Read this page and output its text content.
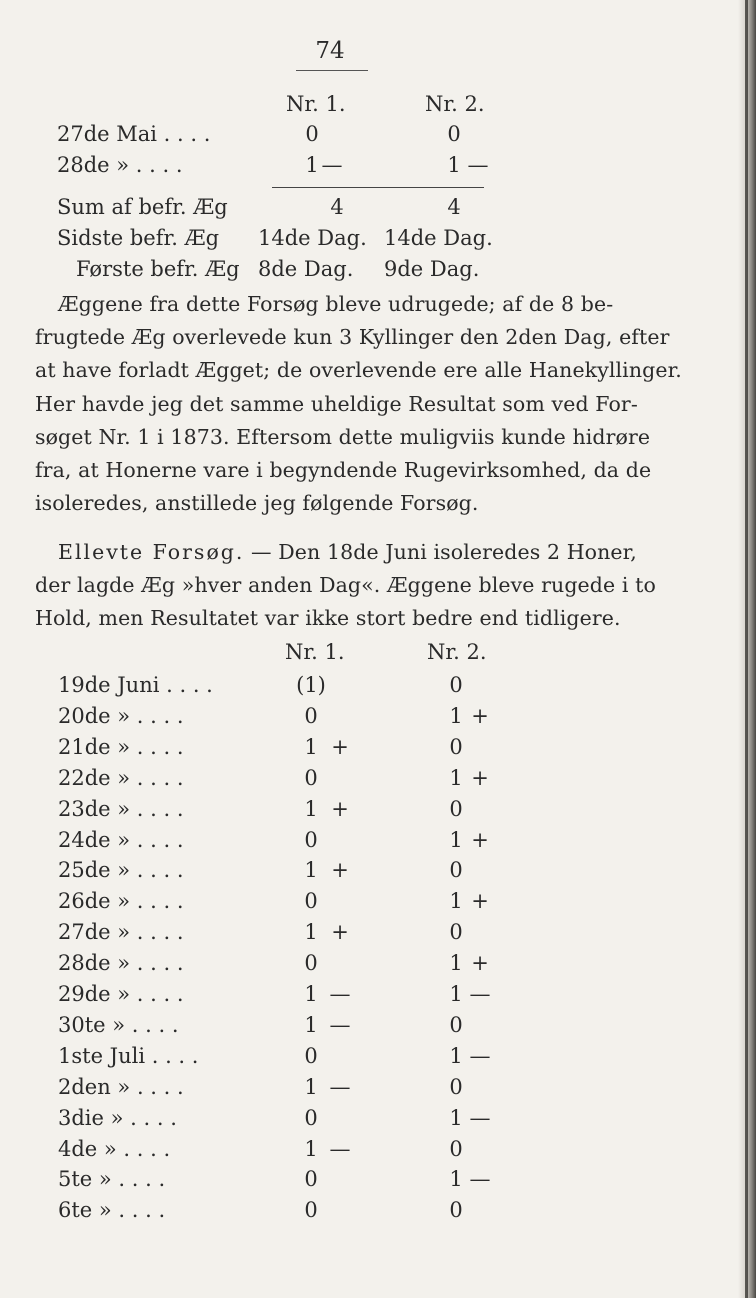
74
Nr. 1.	Nr. 2.
27de Mai . . . .	0	0
28de » . . . .	1 —	1 —
Sum af befr. Æg	4	4
Sidste befr. Æg 14de Dag. 14de Dag.
Første befr. Æg 8de Dag. 9de Dag.
Æggene fra dette Forsøg bleve udrugede; af de 8 be-
frugtede Æg overlevede kun 3 Kyllinger den 2den Dag, efter
at have forladt Ægget; de overlevende ere alle Hanekyllinger.
Her havde jeg det samme uheldige Resultat som ved For-
søget Nr. 1 i 1873. Eftersom dette muligviis kunde hidrøre
fra, at Honerne vare i begyndende Rugevirksomhed, da de
isoleredes, anstillede jeg følgende Forsøg.
Ellevte Forsøg. — Den 18de Juni isoleredes 2 Honer,
der lagde Æg »hver anden Dag«. Æggene bleve rugede i to
Hold, men Resultatet var ikke stort bedre end tidligere.
Nr. 1.	Nr. 2.
19de Juni . . . .	(1)	0
20de » . . . .	0	1 +
21de » . . . .	1 +	0
22de » . . . .	0	1 +
23de » . . . .	1 +	0
24de » . . . .	0	1 +
25de » . . . .	1 +	0
26de » . . . .	0	1 +
27de » . . . .	1 +	0
28de » . . . .	0	1 +
29de » . . . .	1 —	1 —
30te » . . . .	1 —	0
1ste Juli . . . .	0	1 —
2den » . . . .	1 —	0
3die » . . . .	0	1 —
4de » . . . .	1 —	0
5te » . . . .	0	1 —
6te » . . . .	0	0
